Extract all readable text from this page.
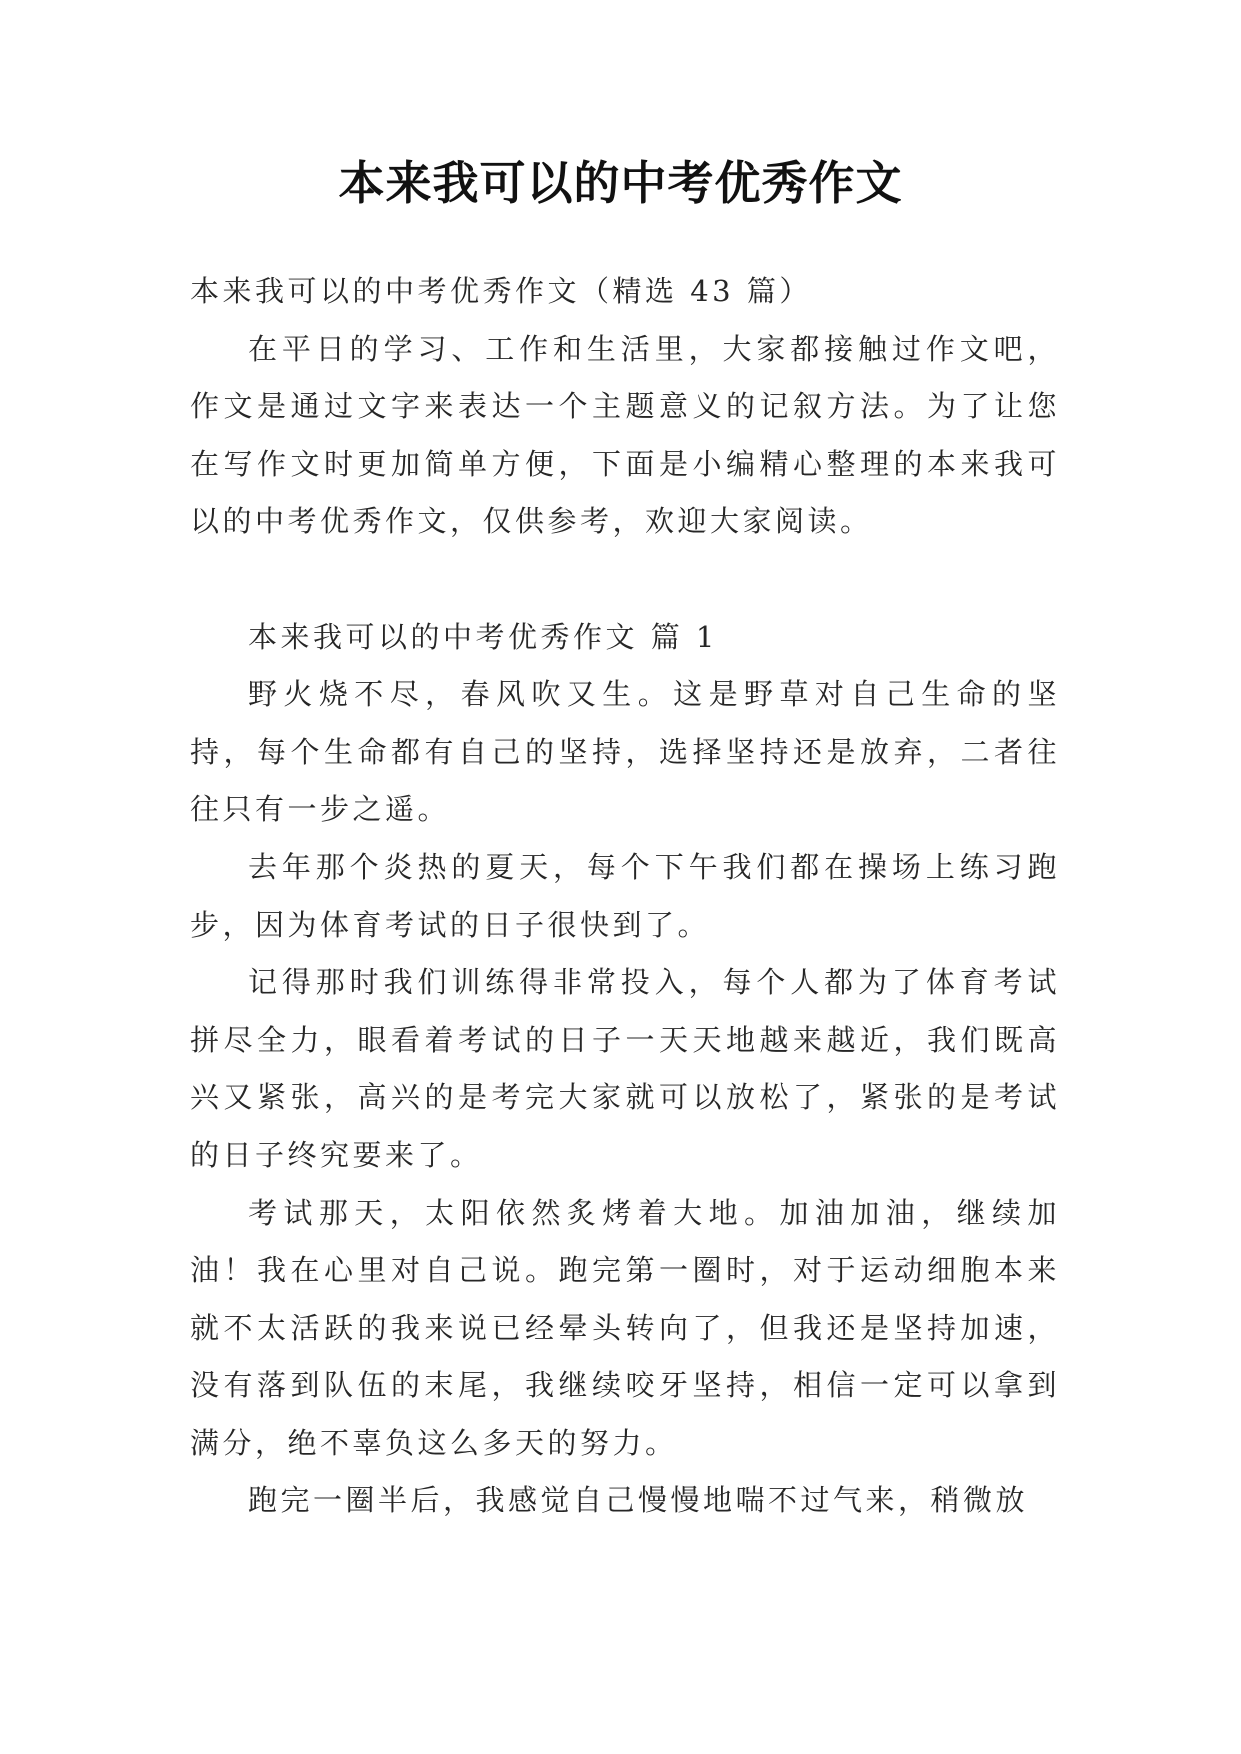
本来我可以的中考优秀作文

本来我可以的中考优秀作文（精选 43 篇）

在平日的学习、工作和生活里，大家都接触过作文吧，作文是通过文字来表达一个主题意义的记叙方法。为了让您在写作文时更加简单方便，下面是小编精心整理的本来我可以的中考优秀作文，仅供参考，欢迎大家阅读。

本来我可以的中考优秀作文 篇 1

野火烧不尽，春风吹又生。这是野草对自己生命的坚持，每个生命都有自己的坚持，选择坚持还是放弃，二者往往只有一步之遥。

去年那个炎热的夏天，每个下午我们都在操场上练习跑步，因为体育考试的日子很快到了。

记得那时我们训练得非常投入，每个人都为了体育考试拼尽全力，眼看着考试的日子一天天地越来越近，我们既高兴又紧张，高兴的是考完大家就可以放松了，紧张的是考试的日子终究要来了。

考试那天，太阳依然炙烤着大地。加油加油，继续加油！我在心里对自己说。跑完第一圈时，对于运动细胞本来就不太活跃的我来说已经晕头转向了，但我还是坚持加速，没有落到队伍的末尾，我继续咬牙坚持，相信一定可以拿到满分，绝不辜负这么多天的努力。

跑完一圈半后，我感觉自己慢慢地喘不过气来，稍微放
